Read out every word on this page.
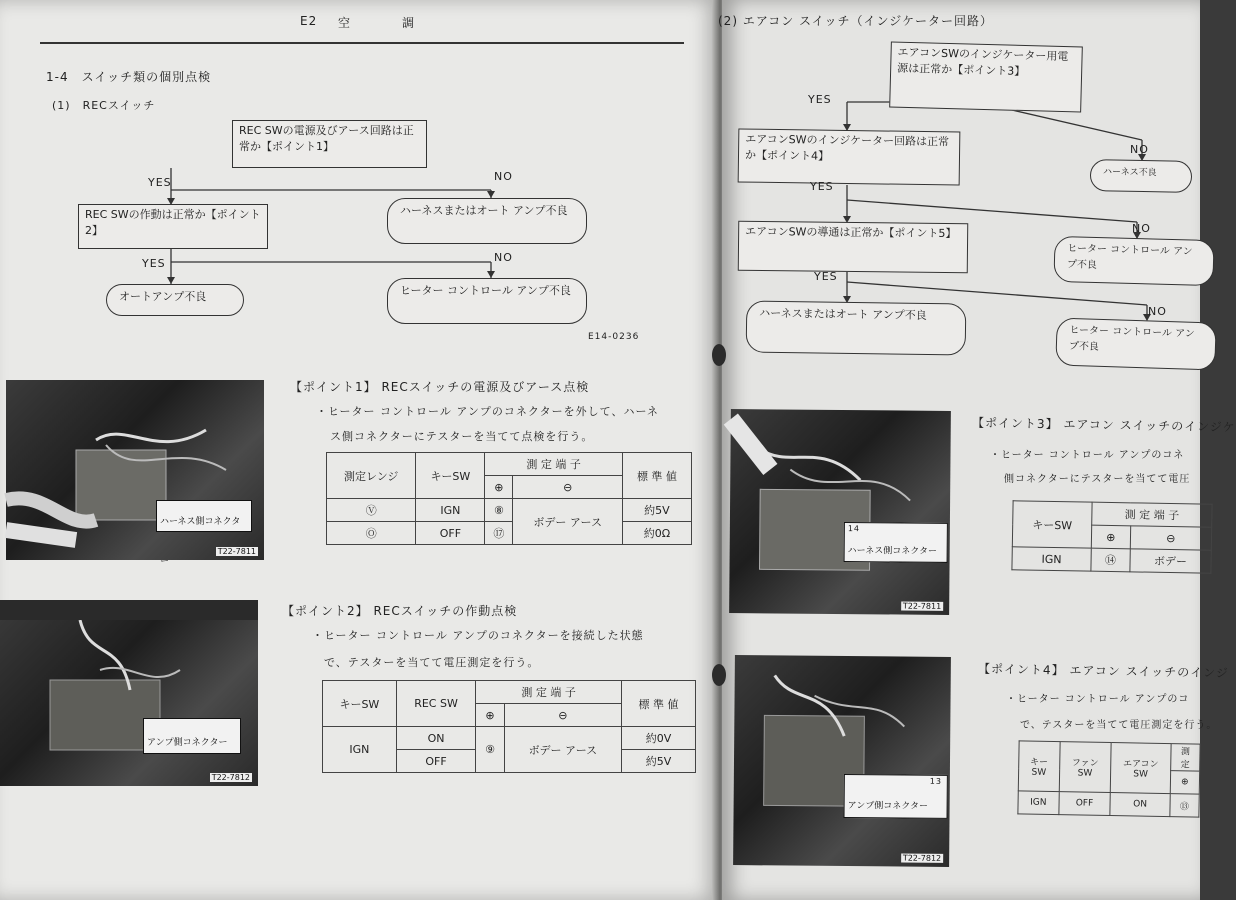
E2 空	調
1-4　スイッチ類の個別点検
(1)　RECスイッチ
REC SWの電源及びアース回路は正常か【ポイント1】
YES	NO
REC SWの作動は正常か【ポイント2】
ハーネスまたはオート アンプ不良
YES	NO
オートアンプ不良	ヒーター コントロール アンプ不良
E14-0236
ハーネス側コネクター
T22-7811
【ポイント1】 RECスイッチの電源及びアース点検
・ヒーター コントロール アンプのコネクターを外して、ハーネ
ス側コネクターにテスターを当てて点検を行う。
測定レンジ	キーSW	測 定 端 子		標 準 値
		⊕	⊖	
Ⓥ	IGN	⑧	ボデー アース	約5V
Ⓞ	OFF	⑰		約0Ω
アンプ側コネクター
T22-7812
【ポイント2】 RECスイッチの作動点検
・ヒーター コントロール アンプのコネクターを接続した状態
で、テスターを当てて電圧測定を行う。
キーSW	REC SW	測 定 端 子		標 準 値
		⊕	⊖	
IGN	ON	⑨	ボデー アース	約0V
	OFF			約5V
(2) エアコン スイッチ（インジケーター回路）
エアコンSWのインジケーター用電源は正常か【ポイント3】
YES
NO
エアコンSWのインジケーター回路は正常か【ポイント4】
ハーネス不良
YES
NO
エアコンSWの導通は正常か【ポイント5】
ヒーター コントロール アンプ不良
YES
NO
ハーネスまたはオート アンプ不良
ヒーター コントロール アンプ不良
ハーネス側コネクター
14
T22-7811
【ポイント3】 エアコン スイッチのインジケ
・ヒーター コントロール アンプのコネ
側コネクターにテスターを当てて電圧
キーSW	測 定 端 子	
	⊕	⊖
IGN	⑭	ボデー
アンプ側コネクター
13
T22-7812
【ポイント4】 エアコン スイッチのインジ
・ヒーター コントロール アンプのコ
で、テスターを当てて電圧測定を行う。
キーSW	ファン SW	エアコン SW	測 定
			⊕
IGN	OFF	ON	⑬
